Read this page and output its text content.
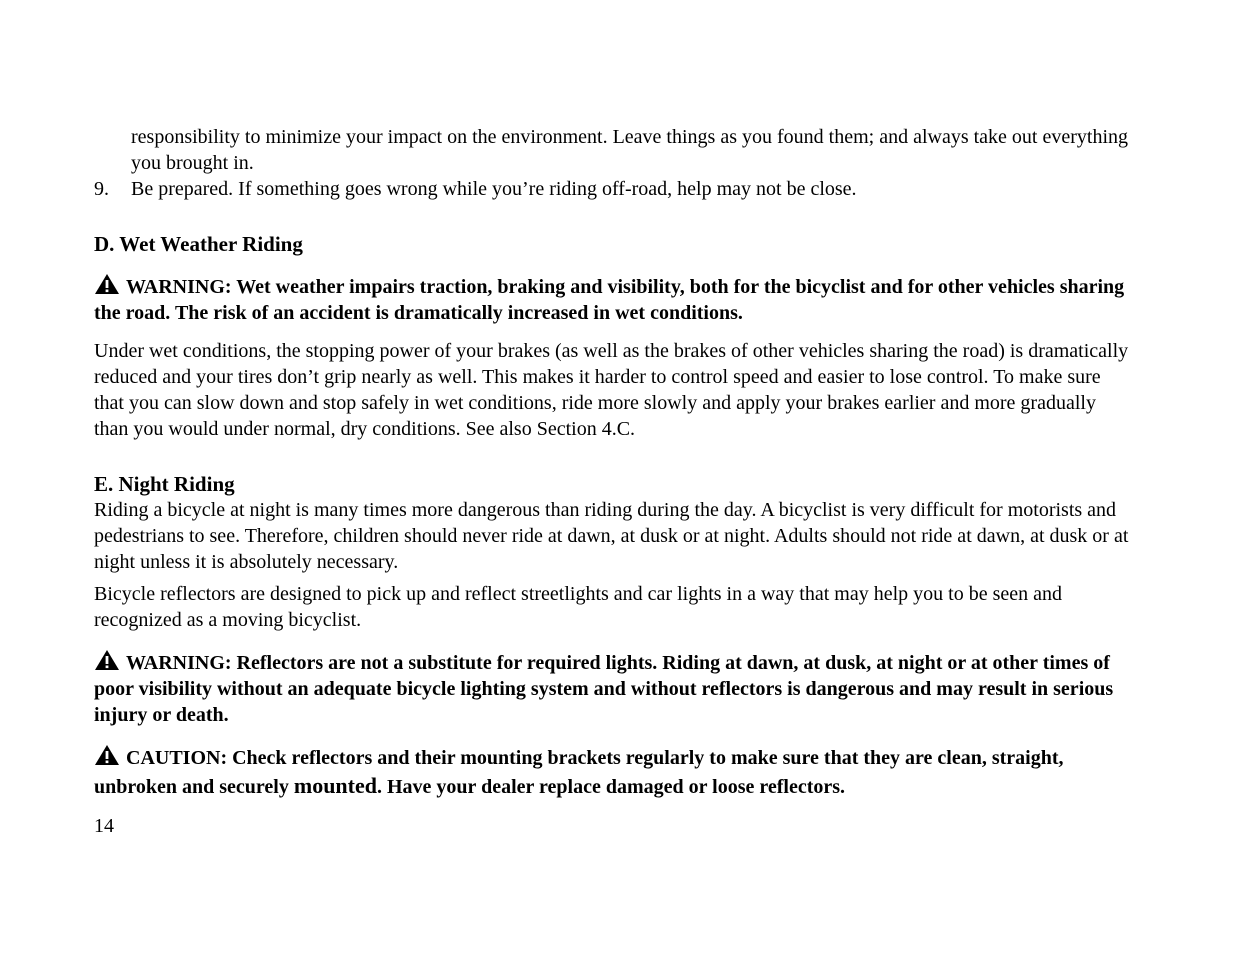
responsibility to minimize your impact on the environment. Leave things as you found them; and always take out everything you brought in.

9.	Be prepared. If something goes wrong while you’re riding off-road, help may not be close.
D. Wet Weather Riding

WARNING: Wet weather impairs traction, braking and visibility, both for the bicyclist and for other vehicles sharing the road. The risk of an accident is dramatically increased in wet conditions.

Under wet conditions, the stopping power of your brakes (as well as the brakes of other vehicles sharing the road) is dramatically reduced and your tires don’t grip nearly as well. This makes it harder to control speed and easier to lose control. To make sure that you can slow down and stop safely in wet conditions, ride more slowly and apply your brakes earlier and more gradually than you would under normal, dry conditions. See also Section 4.C.

E. Night Riding

Riding a bicycle at night is many times more dangerous than riding during the day. A bicyclist is very difficult for motorists and pedestrians to see. Therefore, children should never ride at dawn, at dusk or at night. Adults should not ride at dawn, at dusk or at night unless it is absolutely necessary.

Bicycle reflectors are designed to pick up and reflect streetlights and car lights in a way that may help you to be seen and recognized as a moving bicyclist.

WARNING: Reflectors are not a substitute for required lights. Riding at dawn, at dusk, at night or at other times of poor visibility without an adequate bicycle lighting system and without reflectors is dangerous and may result in serious injury or death.

CAUTION: Check reflectors and their mounting brackets regularly to make sure that they are clean, straight, unbroken and securely mounted. Have your dealer replace damaged or loose reflectors.

14
